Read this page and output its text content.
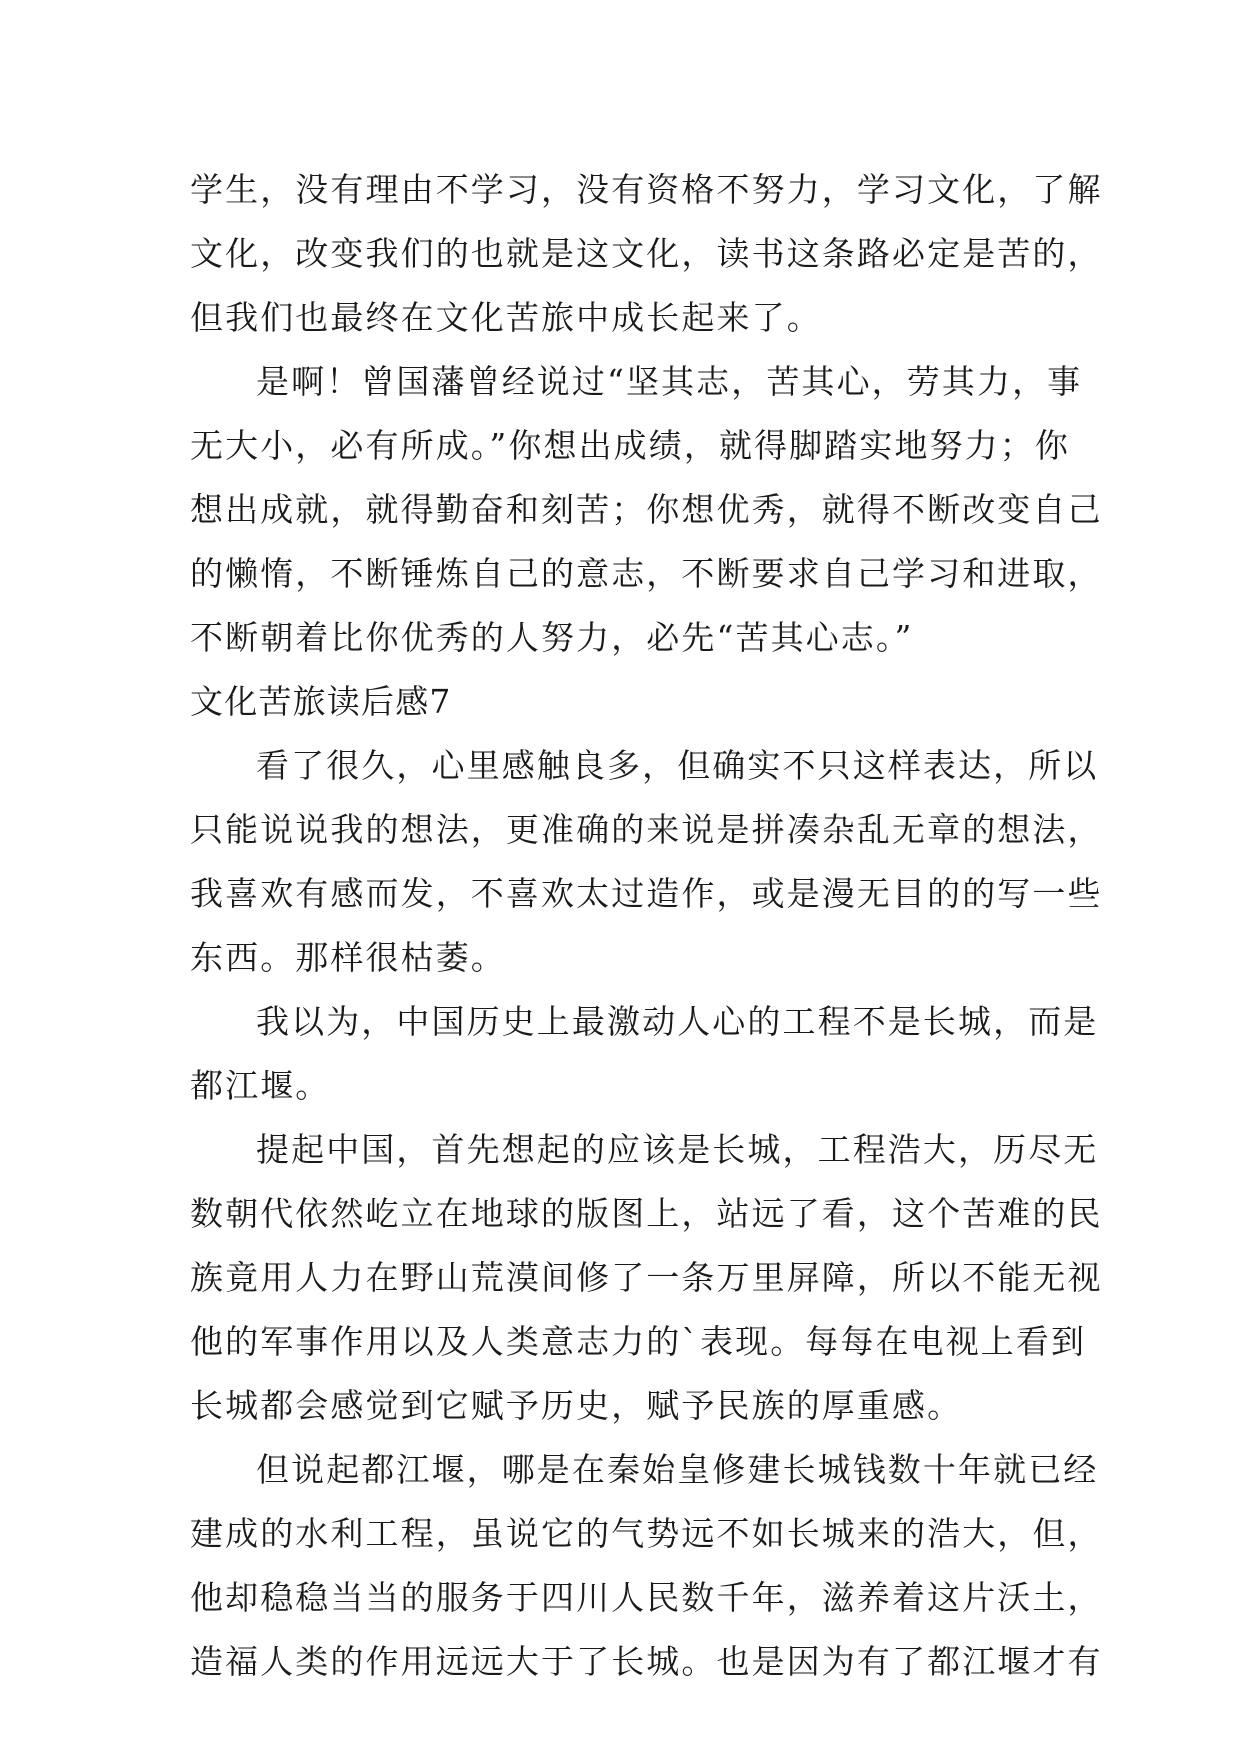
学生，没有理由不学习，没有资格不努力，学习文化，了解
文化，改变我们的也就是这文化，读书这条路必定是苦的，
但我们也最终在文化苦旅中成长起来了。
是啊！曾国藩曾经说过“坚其志，苦其心，劳其力，事
无大小，必有所成。”你想出成绩，就得脚踏实地努力；你
想出成就，就得勤奋和刻苦；你想优秀，就得不断改变自己
的懒惰，不断锤炼自己的意志，不断要求自己学习和进取，
不断朝着比你优秀的人努力，必先“苦其心志。”
文化苦旅读后感7
看了很久，心里感触良多，但确实不只这样表达，所以
只能说说我的想法，更准确的来说是拼凑杂乱无章的想法，
我喜欢有感而发，不喜欢太过造作，或是漫无目的的写一些
东西。那样很枯萎。
我以为，中国历史上最激动人心的工程不是长城，而是
都江堰。
提起中国，首先想起的应该是长城，工程浩大，历尽无
数朝代依然屹立在地球的版图上，站远了看，这个苦难的民
族竟用人力在野山荒漠间修了一条万里屏障，所以不能无视
他的军事作用以及人类意志力的`表现。每每在电视上看到
长城都会感觉到它赋予历史，赋予民族的厚重感。
但说起都江堰，哪是在秦始皇修建长城钱数十年就已经
建成的水利工程，虽说它的气势远不如长城来的浩大，但，
他却稳稳当当的服务于四川人民数千年，滋养着这片沃土，
造福人类的作用远远大于了长城。也是因为有了都江堰才有
